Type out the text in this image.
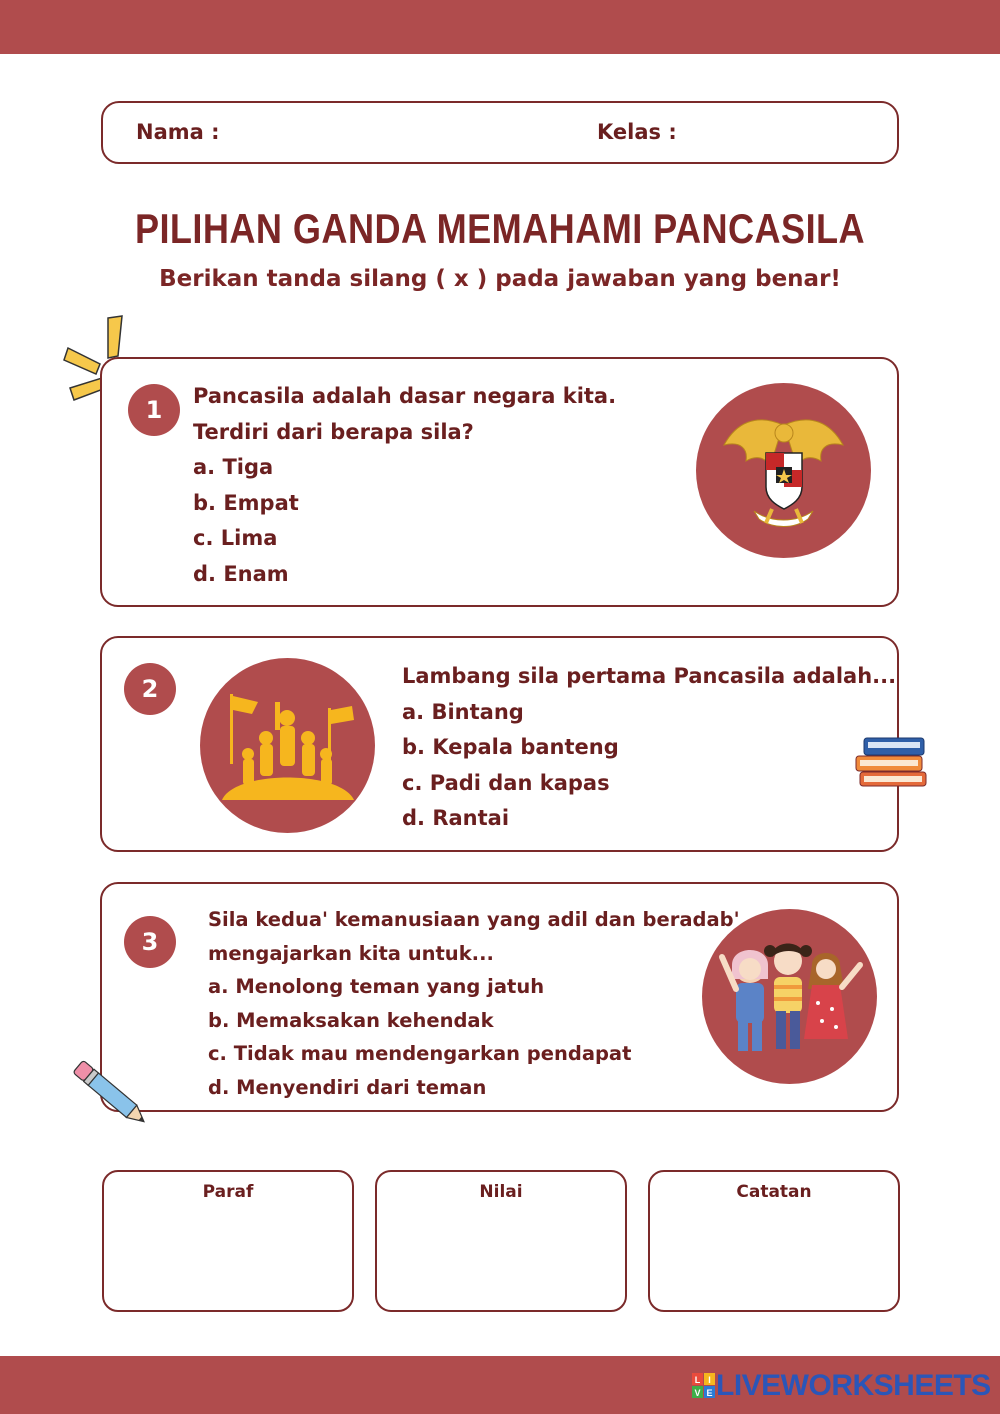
Nama :	Kelas :
PILIHAN GANDA MEMAHAMI PANCASILA
Berikan tanda silang ( x ) pada jawaban yang benar!
1	Pancasila adalah dasar negara kita.
Terdiri dari berapa sila?
a. Tiga
b. Empat
c. Lima
d. Enam
2	Lambang sila pertama Pancasila adalah...
a. Bintang
b. Kepala banteng
c. Padi dan kapas
d. Rantai
3
Sila kedua' kemanusiaan yang adil dan beradab'
mengajarkan kita untuk...
a. Menolong teman yang jatuh
b. Memaksakan kehendak
c. Tidak mau mendengarkan pendapat
d. Menyendiri dari teman
Paraf	Nilai	Catatan
L I
V E LIVEWORKSHEETS
